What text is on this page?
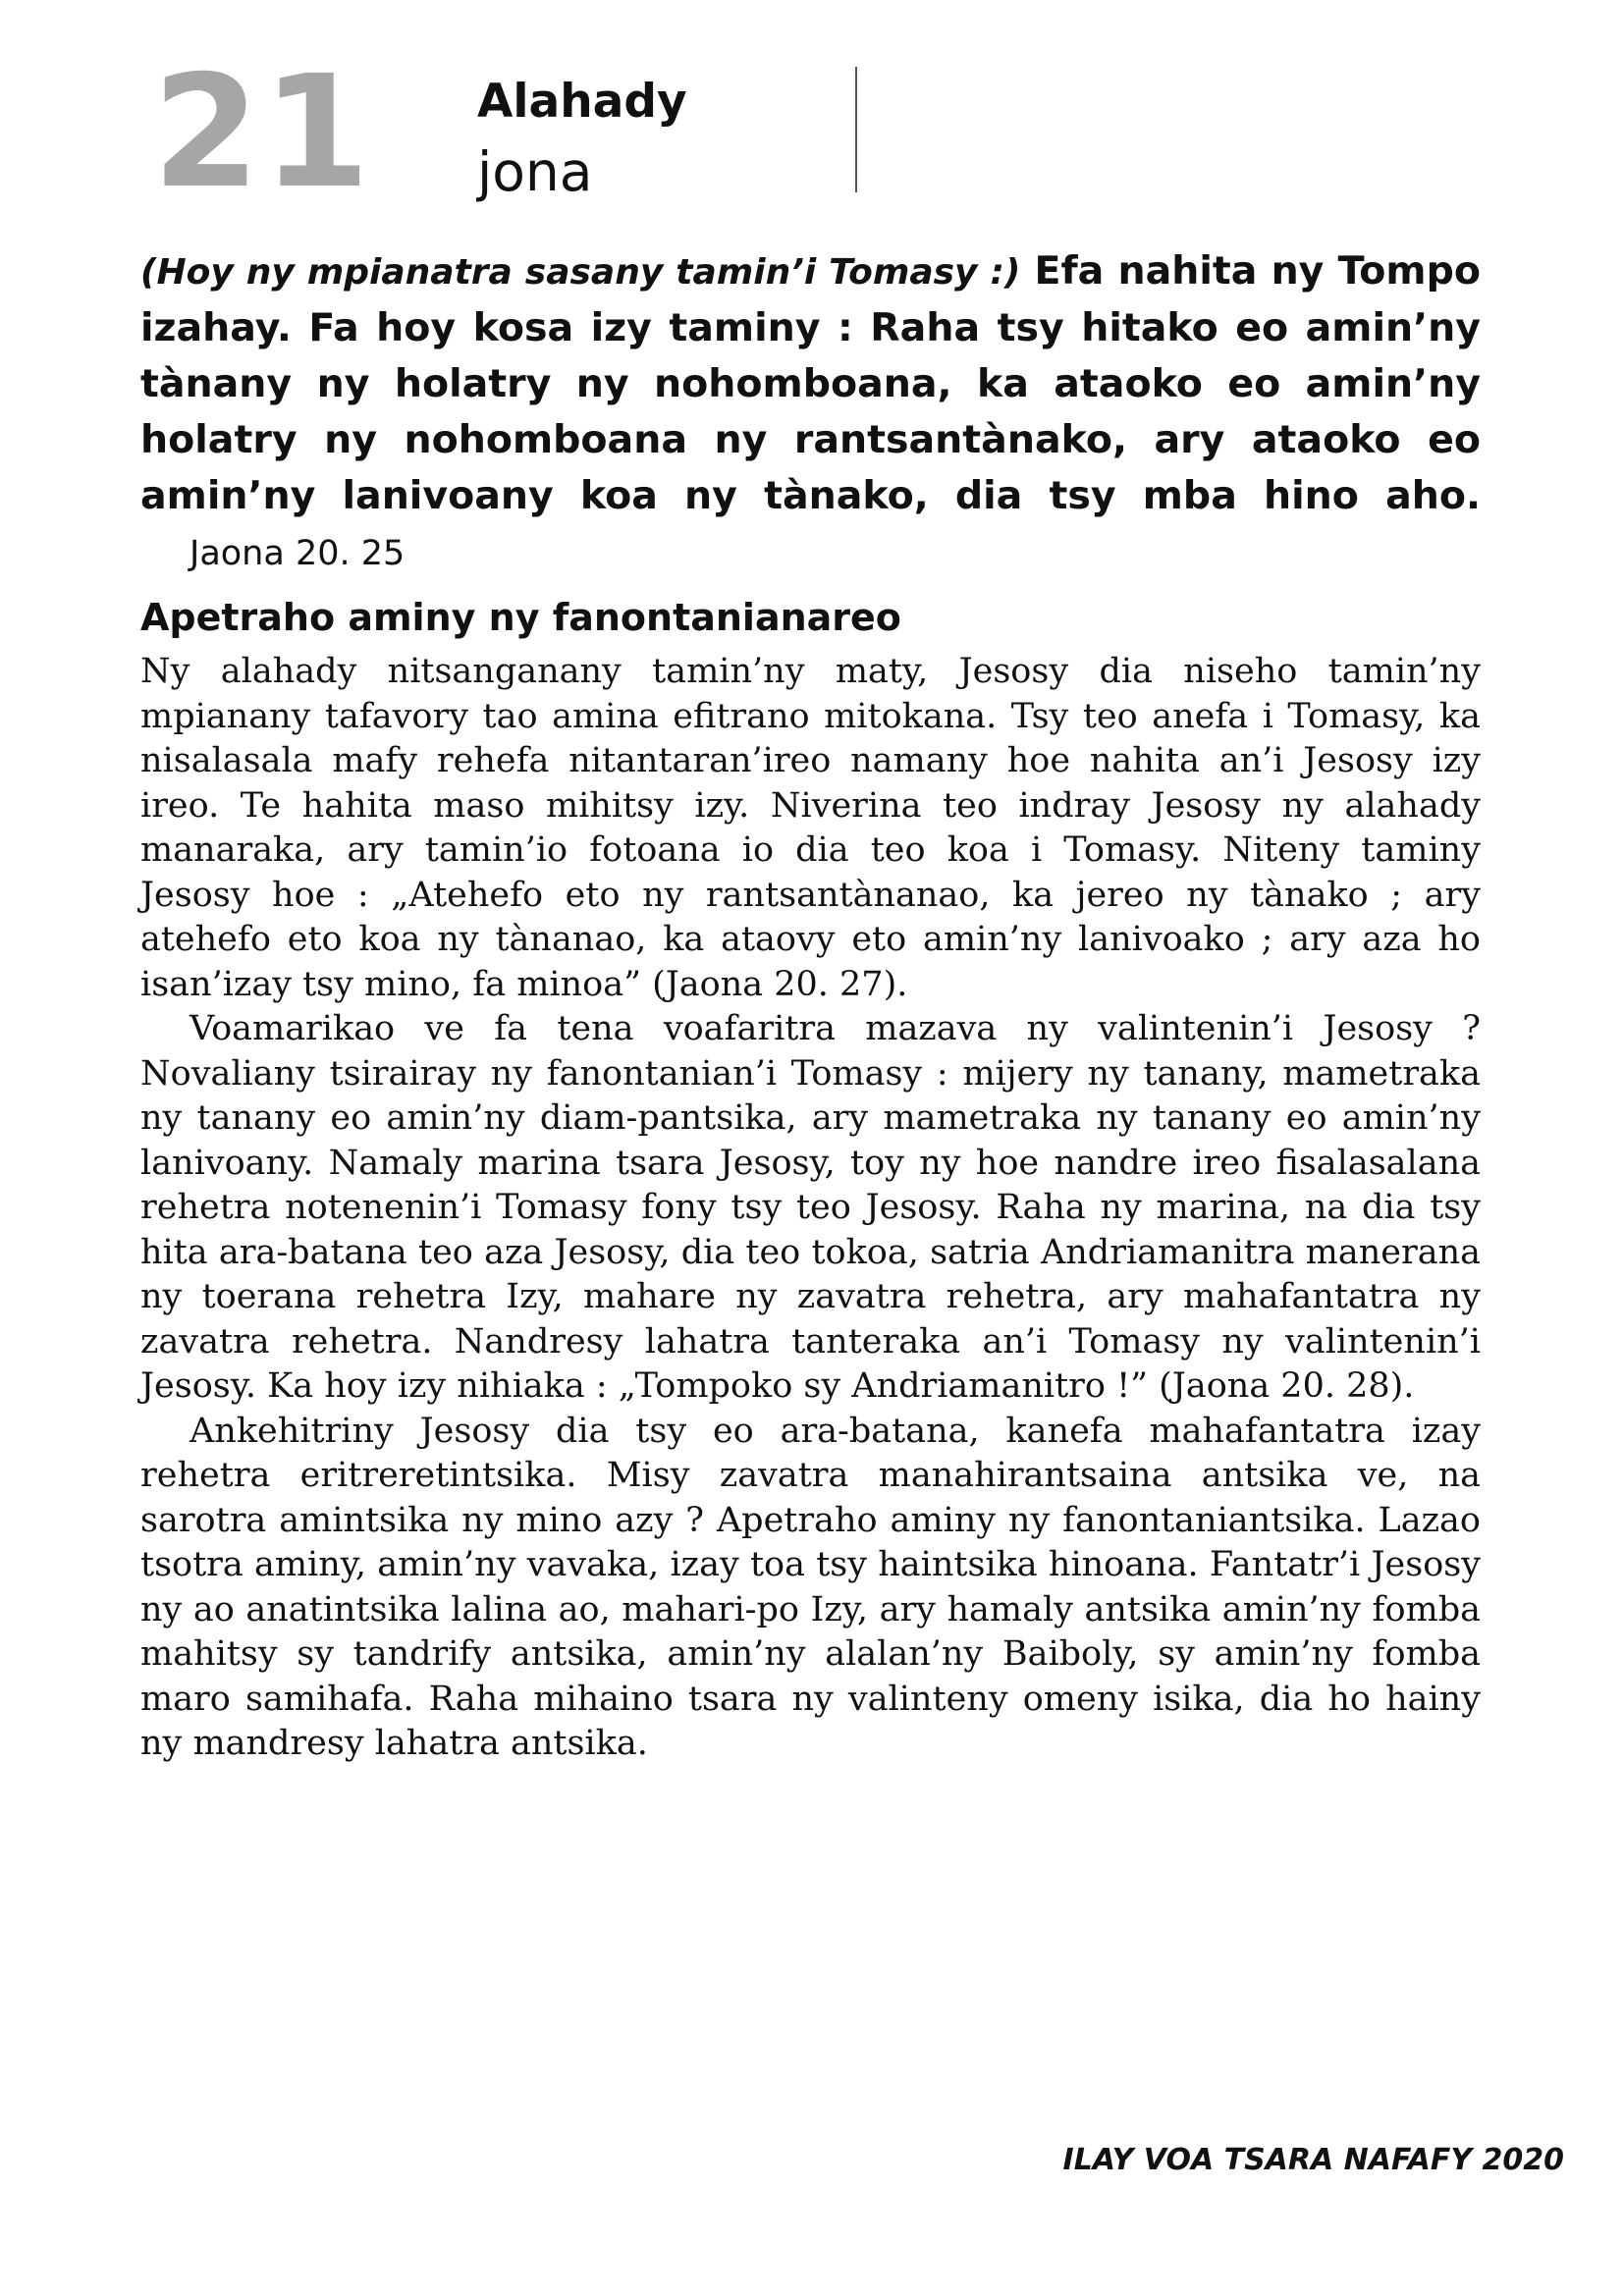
21 Alahady
jona
(Hoy ny mpianatra sasany tamin’i Tomasy :) Efa nahita ny Tompo izahay. Fa hoy kosa izy taminy : Raha tsy hitako eo amin’ny tànany ny holatry ny nohomboana, ka ataoko eo amin’ny holatry ny nohomboana ny rantsantànako, ary ataoko eo amin’ny lanivoany koa ny tànako, dia tsy mba hino aho. Jaona 20. 25
Apetraho aminy ny fanontanianareo

Ny alahady nitsanganany tamin’ny maty, Jesosy dia niseho tamin’ny mpianany tafavory tao amina efitrano mitokana. Tsy teo anefa i Tomasy, ka nisalasala mafy rehefa nitantaran’ireo namany hoe nahita an’i Jesosy izy ireo. Te hahita maso mihitsy izy. Niverina teo indray Jesosy ny alahady manaraka, ary tamin’io fotoana io dia teo koa i Tomasy. Niteny taminy Jesosy hoe : „Atehefo eto ny rantsantànanao, ka jereo ny tànako ; ary atehefo eto koa ny tànanao, ka ataovy eto amin’ny lanivoako ; ary aza ho isan’izay tsy mino, fa minoa” (Jaona 20. 27).

Voamarikao ve fa tena voafaritra mazava ny valintenin’i Jesosy ? Novaliany tsirairay ny fanontanian’i Tomasy : mijery ny tanany, mametraka ny tanany eo amin’ny diam-pantsika, ary mametraka ny tanany eo amin’ny lanivoany. Namaly marina tsara Jesosy, toy ny hoe nandre ireo fisalasalana rehetra notenenin’i Tomasy fony tsy teo Jesosy. Raha ny marina, na dia tsy hita ara-batana teo aza Jesosy, dia teo tokoa, satria Andriamanitra manerana ny toerana rehetra Izy, mahare ny zavatra rehetra, ary mahafantatra ny zavatra rehetra. Nandresy lahatra tanteraka an’i Tomasy ny valintenin’i Jesosy. Ka hoy izy nihiaka : „Tompoko sy Andriamanitro !” (Jaona 20. 28).

Ankehitriny Jesosy dia tsy eo ara-batana, kanefa mahafantatra izay rehetra eritreretintsika. Misy zavatra manahirantsaina antsika ve, na sarotra amintsika ny mino azy ? Apetraho aminy ny fanontaniantsika. Lazao tsotra aminy, amin’ny vavaka, izay toa tsy haintsika hinoana. Fantatr’i Jesosy ny ao anatintsika lalina ao, mahari-po Izy, ary hamaly antsika amin’ny fomba mahitsy sy tandrify antsika, amin’ny alalan’ny Baiboly, sy amin’ny fomba maro samihafa. Raha mihaino tsara ny valinteny omeny isika, dia ho hainy ny mandresy lahatra antsika.

ILAY VOA TSARA NAFAFY 2020
